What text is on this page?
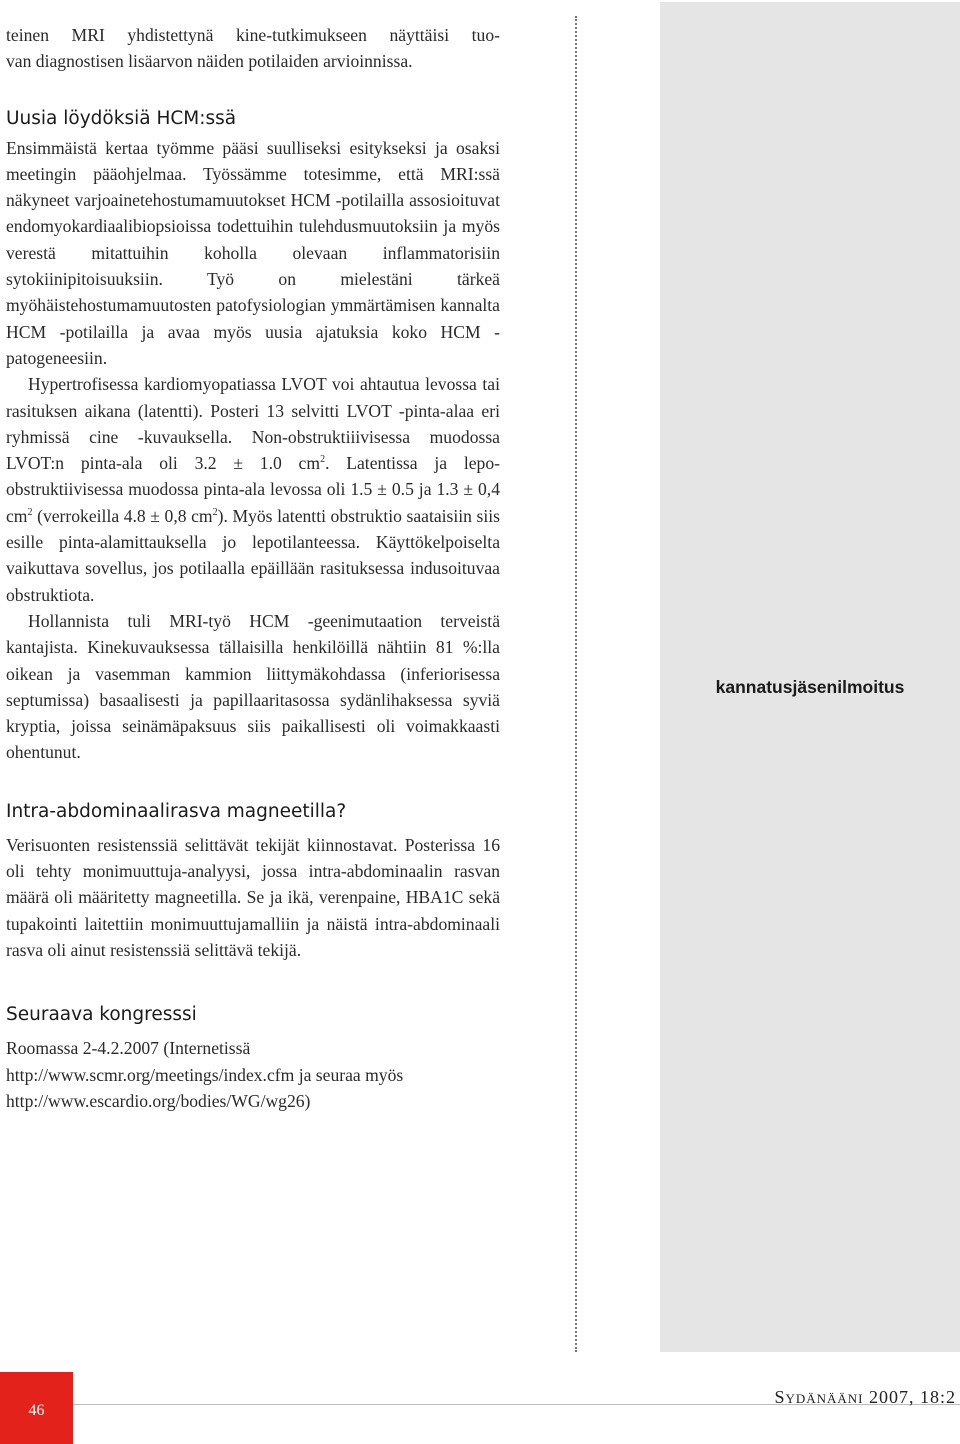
teinen MRI yhdistettynä kine-tutkimukseen näyttäisi tuo-
van diagnostisen lisäarvon näiden potilaiden arvioinnissa.

Uusia löydöksiä HCM:ssä

Ensimmäistä kertaa työmme pääsi suulliseksi esitykseksi ja osaksi meetingin pääohjelmaa. Työssämme totesimme, että MRI:ssä näkyneet varjoainetehostumamuutokset HCM -potilailla assosioituvat endomyokardiaalibiopsioissa todettuihin tulehdusmuutoksiin ja myös verestä mitattuihin koholla olevaan inflammatorisiin sytokiinipitoisuuksiin. Työ on mielestäni tärkeä myöhäistehostumamuutosten patofysiologian ymmärtämisen kannalta HCM -potilailla ja avaa myös uusia ajatuksia koko HCM -patogeneesiin.

Hypertrofisessa kardiomyopatiassa LVOT voi ahtautua levossa tai rasituksen aikana (latentti). Posteri 13 selvitti LVOT -pinta-alaa eri ryhmissä cine -kuvauksella. Non-obstruktiiivisessa muodossa LVOT:n pinta-ala oli 3.2 ± 1.0 $cm^2$. Latentissa ja lepo-obstruktiivisessa muodossa pinta-ala levossa oli 1.5 ± 0.5 ja 1.3 ± 0,4 $cm^2$ (verrokeilla 4.8 ± 0,8 $cm^2$). Myös latentti obstruktio saataisiin siis esille pinta-alamittauksella jo lepotilanteessa. Käyttökelpoiselta vaikuttava sovellus, jos potilaalla epäillään rasituksessa indusoituvaa obstruktiota.

Hollannista tuli MRI-työ HCM -geenimutaation terveistä kantajista. Kinekuvauksessa tällaisilla henkilöillä nähtiin 81 %:lla oikean ja vasemman kammion liittymäkohdassa (inferiorisessa septumissa) basaalisesti ja papillaaritasossa sydänlihaksessa syviä kryptia, joissa seinämäpaksuus siis paikallisesti oli voimakkaasti ohentunut.

Intra-abdominaalirasva magneetilla?

Verisuonten resistenssiä selittävät tekijät kiinnostavat. Posterissa 16 oli tehty monimuuttuja-analyysi, jossa intra-abdominaalin rasvan määrä oli määritetty magneetilla. Se ja ikä, verenpaine, HBA1C sekä tupakointi laitettiin monimuuttujamalliin ja näistä intra-abdominaali rasva oli ainut resistenssiä selittävä tekijä.

Seuraava kongresssi

Roomassa 2-4.2.2007 (Internetissä http://www.scmr.org/meetings/index.cfm ja seuraa myös http://www.escardio.org/bodies/WG/wg26)

kannatusjäsenilmoitus
46
Sydänääni 2007, 18:2
